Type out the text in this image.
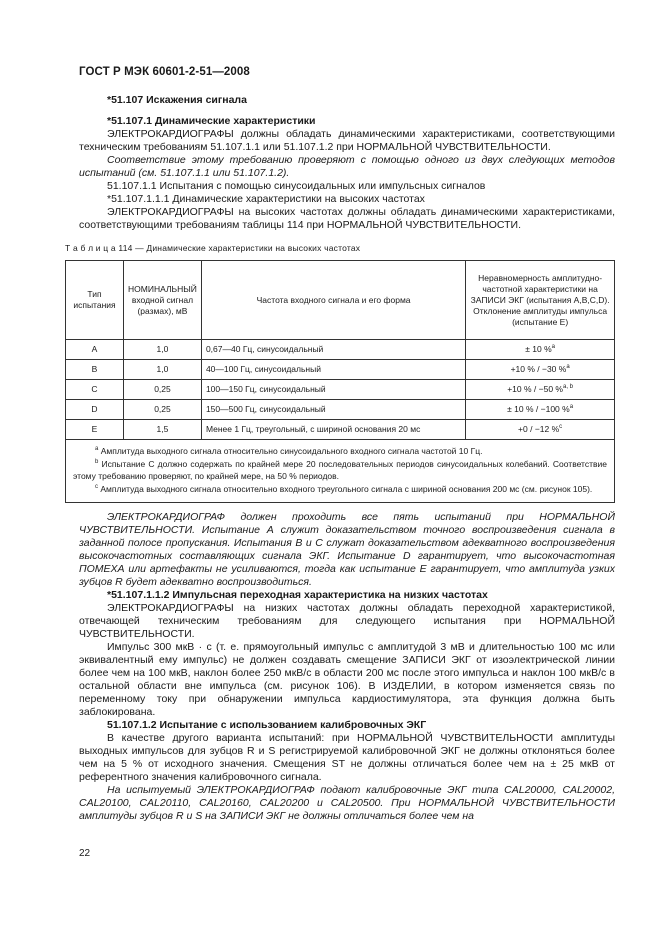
ГОСТ Р МЭК 60601-2-51—2008

*51.107 Искажения сигнала

*51.107.1 Динамические характеристики

ЭЛЕКТРОКАРДИОГРАФЫ должны обладать динамическими характеристиками, соответствующими техническим требованиям 51.107.1.1 или 51.107.1.2 при НОРМАЛЬНОЙ ЧУВСТВИТЕЛЬНОСТИ.

Соответствие этому требованию проверяют с помощью одного из двух следующих методов испытаний (см. 51.107.1.1 или 51.107.1.2).

51.107.1.1 Испытания с помощью синусоидальных или импульсных сигналов

*51.107.1.1.1 Динамические характеристики на высоких частотах

ЭЛЕКТРОКАРДИОГРАФЫ на высоких частотах должны обладать динамическими характеристиками, соответствующими требованиям таблицы 114 при НОРМАЛЬНОЙ ЧУВСТВИТЕЛЬНОСТИ.

Т а б л и ц а 114 — Динамические характеристики на высоких частотах
Тип испытания	НОМИНАЛЬНЫЙ входной сигнал (размах), мВ	Частота входного сигнала и его форма	Неравномерность амплитудно-частотной характеристики на ЗАПИСИ ЭКГ (испытания A,B,C,D). Отклонение амплитуды импульса (испытание E)
A	1,0	0,67—40 Гц, синусоидальный	± 10 %$^a$
B	1,0	40—100 Гц, синусоидальный	+10 % / −30 %$^a$
C	0,25	100—150 Гц, синусоидальный	+10 % / −50 %$^{a, b}$
D	0,25	150—500 Гц, синусоидальный	± 10 % / −100 %$^a$
E	1,5	Менее 1 Гц, треугольный, с шириной основания 20 мс	+0 / −12 %$^c$

$^a$ Амплитуда выходного сигнала относительно синусоидального входного сигнала частотой 10 Гц.

$^b$ Испытание C должно содержать по крайней мере 20 последовательных периодов синусоидальных колебаний. Соответствие этому требованию проверяют, по крайней мере, на 50 % периодов.

$^c$ Амплитуда выходного сигнала относительно входного треугольного сигнала с шириной основания 200 мс (см. рисунок 105).			

ЭЛЕКТРОКАРДИОГРАФ должен проходить все пять испытаний при НОРМАЛЬНОЙ ЧУВСТВИТЕЛЬНОСТИ. Испытание А служит доказательством точного воспроизведения сигнала в заданной полосе пропускания. Испытания В и С служат доказательством адекватного воспроизведения высокочастотных составляющих сигнала ЭКГ. Испытание D гарантирует, что высокочастотная ПОМЕХА или артефакты не усиливаются, тогда как испытание Е гарантирует, что амплитуда узких зубцов R будет адекватно воспроизводиться.

*51.107.1.1.2 Импульсная переходная характеристика на низких частотах

ЭЛЕКТРОКАРДИОГРАФЫ на низких частотах должны обладать переходной характеристикой, отвечающей техническим требованиям для следующего испытания при НОРМАЛЬНОЙ ЧУВСТВИТЕЛЬНОСТИ.

Импульс 300 мкВ · с (т. е. прямоугольный импульс с амплитудой 3 мВ и длительностью 100 мс или эквивалентный ему импульс) не должен создавать смещение ЗАПИСИ ЭКГ от изоэлектрической линии более чем на 100 мкВ, наклон более 250 мкВ/с в области 200 мс после этого импульса и наклон 100 мкВ/с в остальной области вне импульса (см. рисунок 106). В ИЗДЕЛИИ, в котором изменяется связь по переменному току при обнаружении импульса кардиостимулятора, эта функция должна быть заблокирована.

51.107.1.2 Испытание с использованием калибровочных ЭКГ

В качестве другого варианта испытаний: при НОРМАЛЬНОЙ ЧУВСТВИТЕЛЬНОСТИ амплитуды выходных импульсов для зубцов R и S регистрируемой калибровочной ЭКГ не должны отклоняться более чем на 5 % от исходного значения. Смещения ST не должны отличаться более чем на ± 25 мкВ от референтного значения калибровочного сигнала.

На испытуемый ЭЛЕКТРОКАРДИОГРАФ подают калибровочные ЭКГ типа CAL20000, CAL20002, CAL20100, CAL20110, CAL20160, CAL20200 и CAL20500. При НОРМАЛЬНОЙ ЧУВСТВИТЕЛЬНОСТИ амплитуды зубцов R и S на ЗАПИСИ ЭКГ не должны отличаться более чем на

22
